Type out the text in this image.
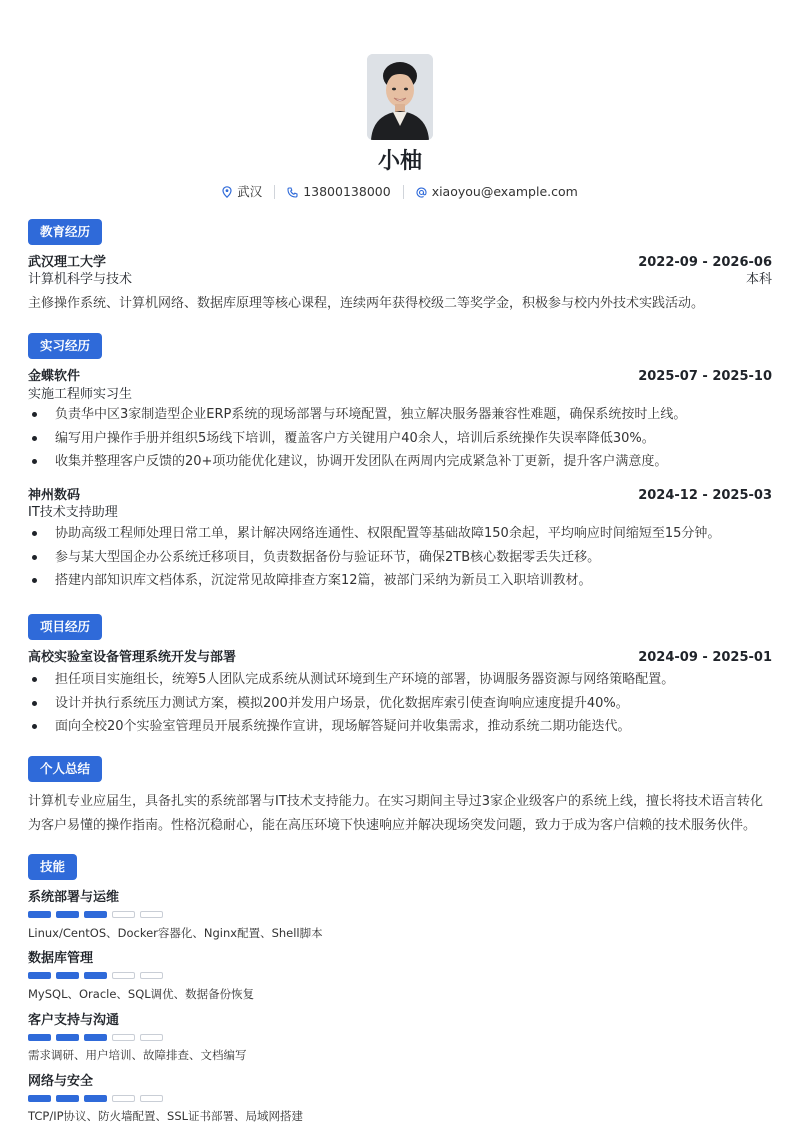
小柚
武汉	13800138000	xiaoyou@example.com
教育经历
武汉理工大学	2022-09 - 2026-06
计算机科学与技术	本科
主修操作系统、计算机网络、数据库原理等核心课程，连续两年获得校级二等奖学金，积极参与校内外技术实践活动。
实习经历
金蝶软件	2025-07 - 2025-10
实施工程师实习生
负责华中区3家制造型企业ERP系统的现场部署与环境配置，独立解决服务器兼容性难题，确保系统按时上线。
编写用户操作手册并组织5场线下培训，覆盖客户方关键用户40余人，培训后系统操作失误率降低30%。
收集并整理客户反馈的20+项功能优化建议，协调开发团队在两周内完成紧急补丁更新，提升客户满意度。
神州数码	2024-12 - 2025-03
IT技术支持助理
协助高级工程师处理日常工单，累计解决网络连通性、权限配置等基础故障150余起，平均响应时间缩短至15分钟。
参与某大型国企办公系统迁移项目，负责数据备份与验证环节，确保2TB核心数据零丢失迁移。
搭建内部知识库文档体系，沉淀常见故障排查方案12篇，被部门采纳为新员工入职培训教材。
项目经历
高校实验室设备管理系统开发与部署	2024-09 - 2025-01
担任项目实施组长，统筹5人团队完成系统从测试环境到生产环境的部署，协调服务器资源与网络策略配置。
设计并执行系统压力测试方案，模拟200并发用户场景，优化数据库索引使查询响应速度提升40%。
面向全校20个实验室管理员开展系统操作宣讲，现场解答疑问并收集需求，推动系统二期功能迭代。
个人总结
计算机专业应届生，具备扎实的系统部署与IT技术支持能力。在实习期间主导过3家企业级客户的系统上线，擅长将技术语言转化
为客户易懂的操作指南。性格沉稳耐心，能在高压环境下快速响应并解决现场突发问题，致力于成为客户信赖的技术服务伙伴。
技能
系统部署与运维
Linux/CentOS、Docker容器化、Nginx配置、Shell脚本
数据库管理
MySQL、Oracle、SQL调优、数据备份恢复
客户支持与沟通
需求调研、用户培训、故障排查、文档编写
网络与安全
TCP/IP协议、防火墙配置、SSL证书部署、局域网搭建
